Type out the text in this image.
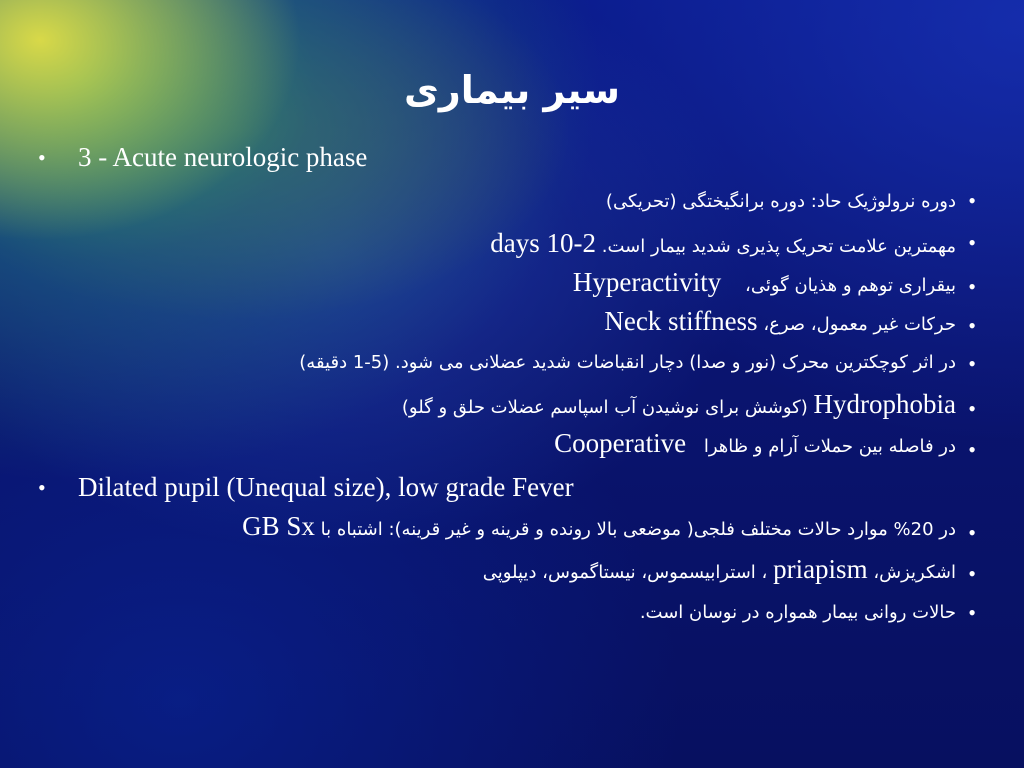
سیر بیماری
• 3 - Acute neurologic phase
•
دوره نرولوژیک حاد: دوره برانگیختگی (تحریکی)
•
مهمترین علامت تحریک پذیری شدید بیمار است. 2-10 days
•
بیقراری توهم و هذیان گوئی، Hyperactivity
•
حرکات غیر معمول، صرع، Neck stiffness
•
در اثر کوچکترین محرک (نور و صدا) دچار انقباضات شدید عضلانی می شود. (5-1 دقیقه)
•
Hydrophobia (کوشش برای نوشیدن آب اسپاسم عضلات حلق و گلو)
•
در فاصله بین حملات آرام و ظاهرا Cooperative
• Dilated pupil (Unequal size), low grade Fever
•
در 20% موارد حالات مختلف فلجی( موضعی بالا رونده و قرینه و غیر قرینه): اشتباه با GB Sx
•
اشکریزش، priapism ، استرابیسموس، نیستاگموس، دیپلوپی
•
حالات روانی بیمار همواره در نوسان است.
